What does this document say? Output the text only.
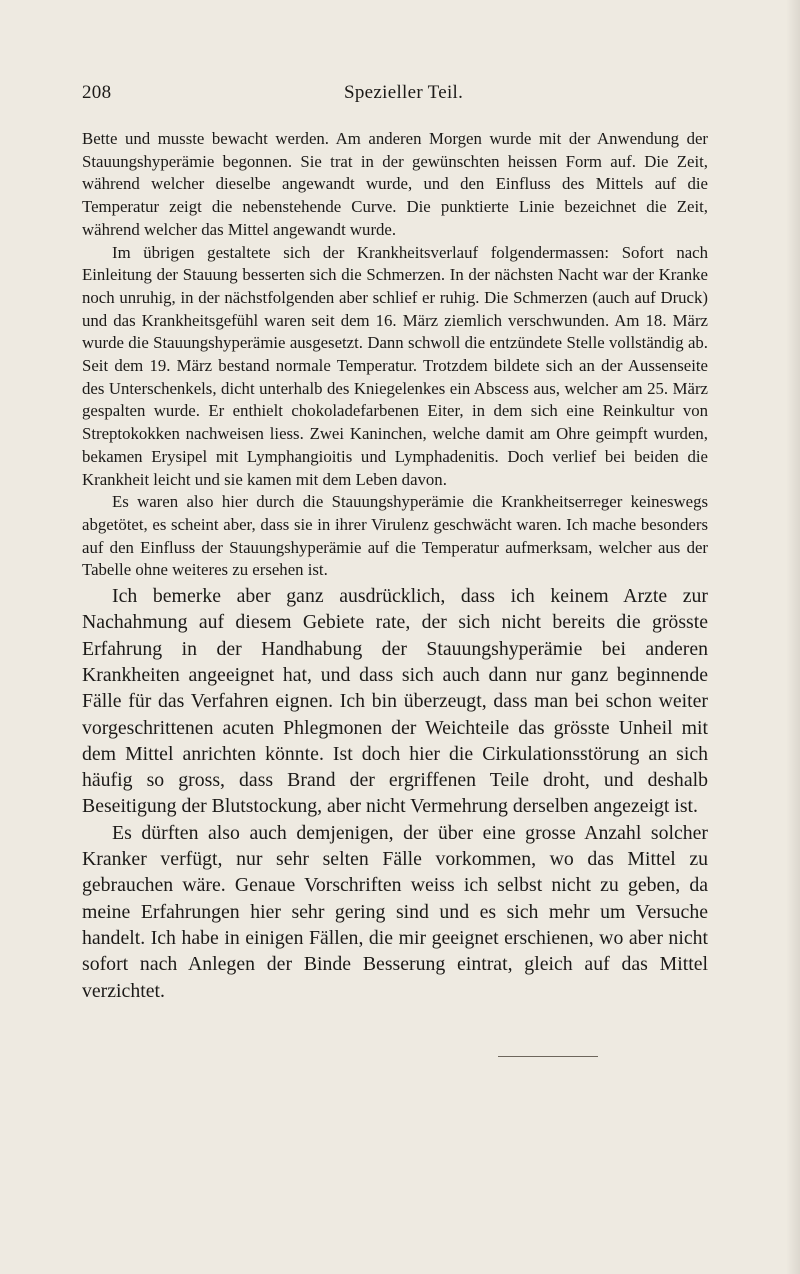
208	Spezieller Teil.

Bette und musste bewacht werden. Am anderen Morgen wurde mit der Anwendung der Stauungshyperämie begonnen. Sie trat in der gewünschten heissen Form auf. Die Zeit, während welcher dieselbe angewandt wurde, und den Einfluss des Mittels auf die Temperatur zeigt die nebenstehende Curve. Die punktierte Linie bezeichnet die Zeit, während welcher das Mittel angewandt wurde.

Im übrigen gestaltete sich der Krankheitsverlauf folgendermassen: Sofort nach Einleitung der Stauung besserten sich die Schmerzen. In der nächsten Nacht war der Kranke noch unruhig, in der nächstfolgenden aber schlief er ruhig. Die Schmerzen (auch auf Druck) und das Krankheitsgefühl waren seit dem 16. März ziemlich verschwunden. Am 18. März wurde die Stauungshyperämie ausgesetzt. Dann schwoll die entzündete Stelle vollständig ab. Seit dem 19. März bestand normale Temperatur. Trotzdem bildete sich an der Aussenseite des Unterschenkels, dicht unterhalb des Kniegelenkes ein Abscess aus, welcher am 25. März gespalten wurde. Er enthielt chokoladefarbenen Eiter, in dem sich eine Reinkultur von Streptokokken nachweisen liess. Zwei Kaninchen, welche damit am Ohre geimpft wurden, bekamen Erysipel mit Lymphangioitis und Lymphadenitis. Doch verlief bei beiden die Krankheit leicht und sie kamen mit dem Leben davon.

Es waren also hier durch die Stauungshyperämie die Krankheitserreger keineswegs abgetötet, es scheint aber, dass sie in ihrer Virulenz geschwächt waren. Ich mache besonders auf den Einfluss der Stauungshyperämie auf die Temperatur aufmerksam, welcher aus der Tabelle ohne weiteres zu ersehen ist.

Ich bemerke aber ganz ausdrücklich, dass ich keinem Arzte zur Nachahmung auf diesem Gebiete rate, der sich nicht bereits die grösste Erfahrung in der Handhabung der Stauungshyperämie bei anderen Krankheiten angeeignet hat, und dass sich auch dann nur ganz beginnende Fälle für das Verfahren eignen. Ich bin überzeugt, dass man bei schon weiter vorgeschrittenen acuten Phlegmonen der Weichteile das grösste Unheil mit dem Mittel anrichten könnte. Ist doch hier die Cirkulationsstörung an sich häufig so gross, dass Brand der ergriffenen Teile droht, und deshalb Beseitigung der Blutstockung, aber nicht Vermehrung derselben angezeigt ist.

Es dürften also auch demjenigen, der über eine grosse Anzahl solcher Kranker verfügt, nur sehr selten Fälle vorkommen, wo das Mittel zu gebrauchen wäre. Genaue Vorschriften weiss ich selbst nicht zu geben, da meine Erfahrungen hier sehr gering sind und es sich mehr um Versuche handelt. Ich habe in einigen Fällen, die mir geeignet erschienen, wo aber nicht sofort nach Anlegen der Binde Besserung eintrat, gleich auf das Mittel verzichtet.
